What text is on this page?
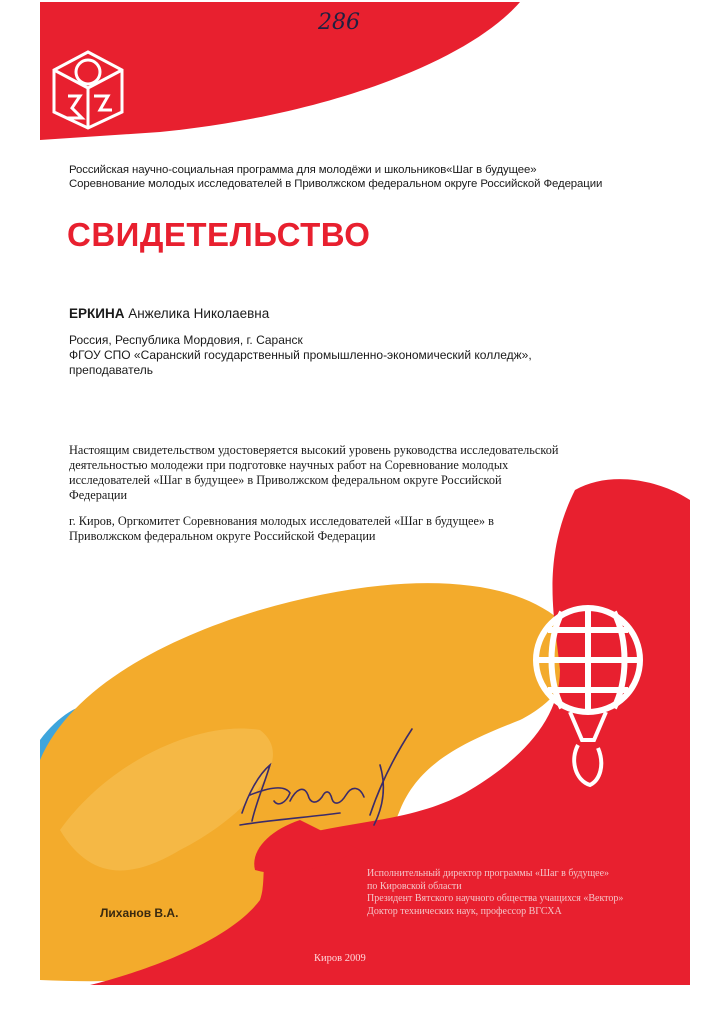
286
Российская научно-социальная программа для молодёжи и школьников«Шаг в будущее»
Соревнование молодых исследователей в Приволжском федеральном округе Российской Федерации
СВИДЕТЕЛЬСТВО
ЕРКИНА Анжелика Николаевна
Россия, Республика Мордовия, г. Саранск
ФГОУ СПО «Саранский государственный промышленно-экономический колледж»,
преподаватель
Настоящим свидетельством удостоверяется высокий уровень руководства исследовательской
деятельностью молодежи при подготовке научных работ на Соревнование молодых
исследователей «Шаг в будущее» в Приволжском федеральном округе Российской
Федерации
г. Киров, Оргкомитет Соревнования молодых исследователей «Шаг в будущее» в
Приволжском федеральном округе Российской Федерации
Лиханов В.А.
Исполнительный директор программы «Шаг в будущее»
по Кировской области
Президент Вятского научного общества учащихся «Вектор»
Доктор технических наук, профессор ВГСХА
Киров 2009
